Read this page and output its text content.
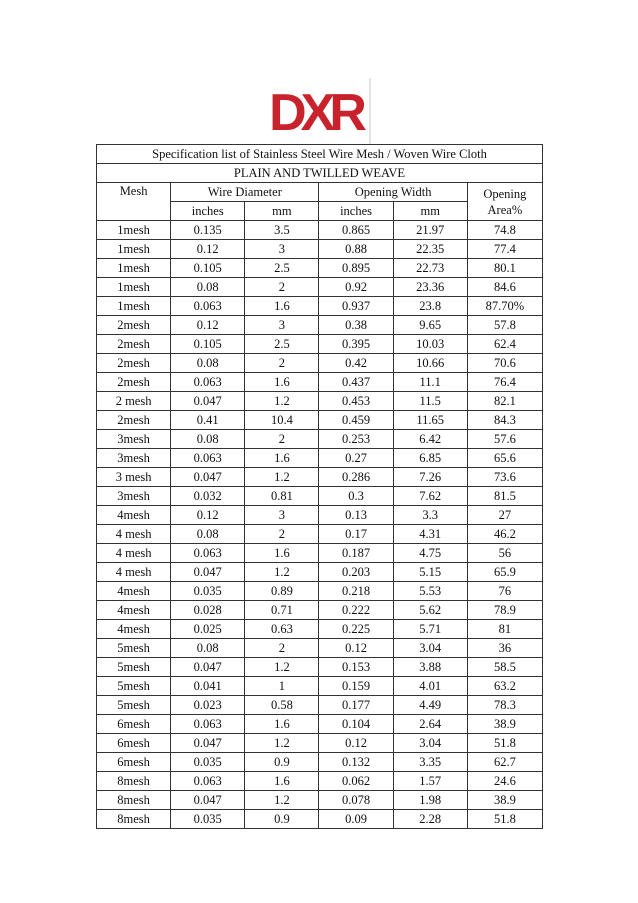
DXR
Specification list of Stainless Steel Wire Mesh / Woven Wire Cloth					
PLAIN AND TWILLED WEAVE					
Mesh	Wire Diameter		Opening Width		Opening Area%
	inches	mm	inches	mm	
1mesh	0.135	3.5	0.865	21.97	74.8
1mesh	0.12	3	0.88	22.35	77.4
1mesh	0.105	2.5	0.895	22.73	80.1
1mesh	0.08	2	0.92	23.36	84.6
1mesh	0.063	1.6	0.937	23.8	87.70%
2mesh	0.12	3	0.38	9.65	57.8
2mesh	0.105	2.5	0.395	10.03	62.4
2mesh	0.08	2	0.42	10.66	70.6
2mesh	0.063	1.6	0.437	11.1	76.4
2 mesh	0.047	1.2	0.453	11.5	82.1
2mesh	0.41	10.4	0.459	11.65	84.3
3mesh	0.08	2	0.253	6.42	57.6
3mesh	0.063	1.6	0.27	6.85	65.6
3 mesh	0.047	1.2	0.286	7.26	73.6
3mesh	0.032	0.81	0.3	7.62	81.5
4mesh	0.12	3	0.13	3.3	27
4 mesh	0.08	2	0.17	4.31	46.2
4 mesh	0.063	1.6	0.187	4.75	56
4 mesh	0.047	1.2	0.203	5.15	65.9
4mesh	0.035	0.89	0.218	5.53	76
4mesh	0.028	0.71	0.222	5.62	78.9
4mesh	0.025	0.63	0.225	5.71	81
5mesh	0.08	2	0.12	3.04	36
5mesh	0.047	1.2	0.153	3.88	58.5
5mesh	0.041	1	0.159	4.01	63.2
5mesh	0.023	0.58	0.177	4.49	78.3
6mesh	0.063	1.6	0.104	2.64	38.9
6mesh	0.047	1.2	0.12	3.04	51.8
6mesh	0.035	0.9	0.132	3.35	62.7
8mesh	0.063	1.6	0.062	1.57	24.6
8mesh	0.047	1.2	0.078	1.98	38.9
8mesh	0.035	0.9	0.09	2.28	51.8
